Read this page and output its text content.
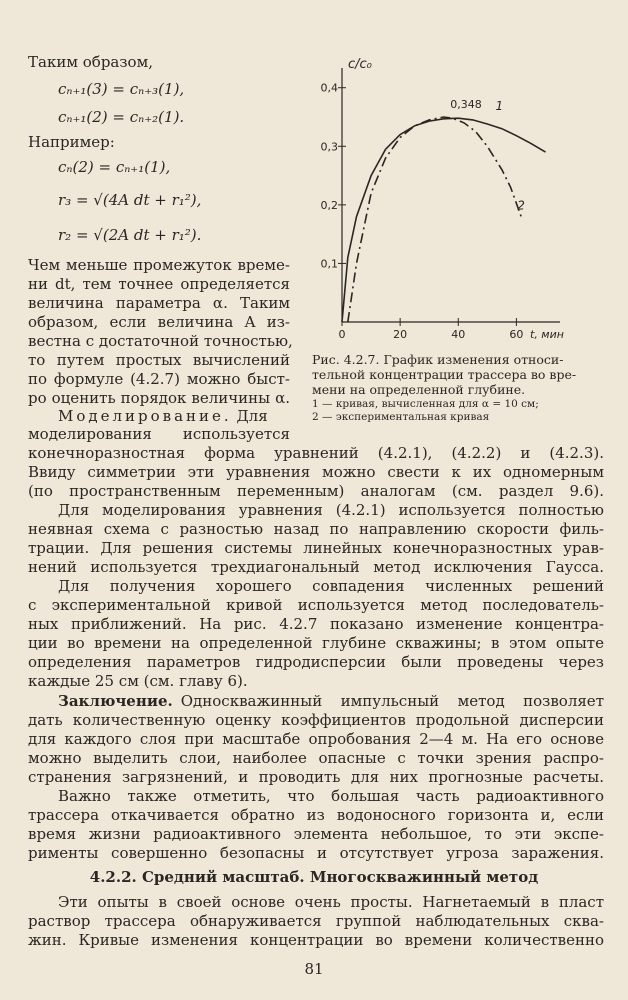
Таким образом,
cₙ₊₁(3) = cₙ₊₃(1),
cₙ₊₁(2) = cₙ₊₂(1).
Например:
cₙ(2) = cₙ₊₁(1),
r₃ = √(4A dt + r₁²),
r₂ = √(2A dt + r₁²).
Чем меньше промежуток време-
ни dt, тем точнее определяется
величина параметра α. Таким
образом, если величина A из-
вестна с достаточной точностью,
то путем простых вычислений
по формуле (4.2.7) можно быст-
ро оценить порядок величины α.
Моделирование. Для
моделирования используется
0,1
0,2
0,3
0,4
0	20	40	60
c/c₀
t, мин
1
2
0,348
Рис. 4.2.7. График изменения относи-
тельной концентрации трассера во вре-
мени на определенной глубине.
1 — кривая, вычисленная для α = 10 см;
2 — экспериментальная кривая
конечноразностная форма уравнений (4.2.1), (4.2.2) и (4.2.3).
Ввиду симметрии эти уравнения можно свести к их одномерным
(по пространственным переменным) аналогам (см. раздел 9.6).
Для моделирования уравнения (4.2.1) используется полностью
неявная схема с разностью назад по направлению скорости филь-
трации. Для решения системы линейных конечноразностных урав-
нений используется трехдиагональный метод исключения Гаусса.
Для получения хорошего совпадения численных решений
с экспериментальной кривой используется метод последователь-
ных приближений. На рис. 4.2.7 показано изменение концентра-
ции во времени на определенной глубине скважины; в этом опыте
определения параметров гидродисперсии были проведены через
каждые 25 см (см. главу 6).
Заключение. Односкважинный импульсный метод позволяет
дать количественную оценку коэффициентов продольной дисперсии
для каждого слоя при масштабе опробования 2—4 м. На его основе
можно выделить слои, наиболее опасные с точки зрения распро-
странения загрязнений, и проводить для них прогнозные расчеты.
Важно также отметить, что большая часть радиоактивного
трассера откачивается обратно из водоносного горизонта и, если
время жизни радиоактивного элемента небольшое, то эти экспе-
рименты совершенно безопасны и отсутствует угроза заражения.
4.2.2. Средний масштаб. Многоскважинный метод
Эти опыты в своей основе очень просты. Нагнетаемый в пласт
раствор трассера обнаруживается группой наблюдательных сква-
жин. Кривые изменения концентрации во времени количественно
81
